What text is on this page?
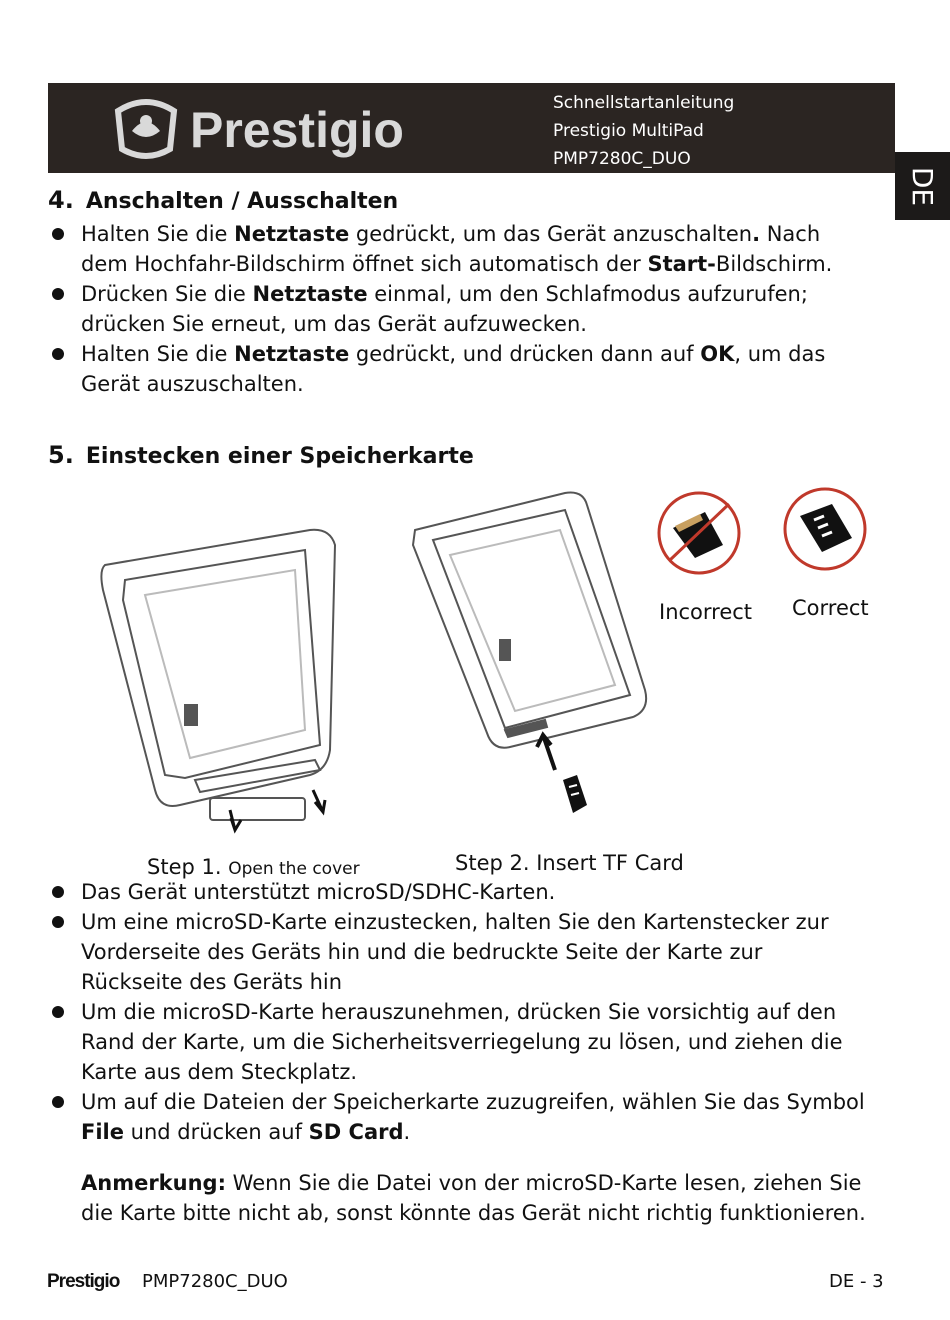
Prestigio	Schnellstartanleitung
Prestigio MultiPad
PMP7280C_DUO
DE
4. Anschalten / Ausschalten

Halten Sie die Netztaste gedrückt, um das Gerät anzuschalten. Nach dem Hochfahr-Bildschirm öffnet sich automatisch der Start-Bildschirm.

Drücken Sie die Netztaste einmal, um den Schlafmodus aufzurufen; drücken Sie erneut, um das Gerät aufzuwecken.

Halten Sie die Netztaste gedrückt, und drücken dann auf OK, um das Gerät auszuschalten.

5. Einstecken einer Speicherkarte
Incorrect Correct
Step 1. Open the cover	Step 2. Insert TF Card

Das Gerät unterstützt microSD/SDHC-Karten.

Um eine microSD-Karte einzustecken, halten Sie den Kartenstecker zur Vorderseite des Geräts hin und die bedruckte Seite der Karte zur Rückseite des Geräts hin

Um die microSD-Karte herauszunehmen, drücken Sie vorsichtig auf den Rand der Karte, um die Sicherheitsverriegelung zu lösen, und ziehen die Karte aus dem Steckplatz.

Um auf die Dateien der Speicherkarte zuzugreifen, wählen Sie das Symbol File und drücken auf SD Card.

Anmerkung: Wenn Sie die Datei von der microSD-Karte lesen, ziehen Sie die Karte bitte nicht ab, sonst könnte das Gerät nicht richtig funktionieren.

Prestigio PMP7280C_DUO	DE - 3
